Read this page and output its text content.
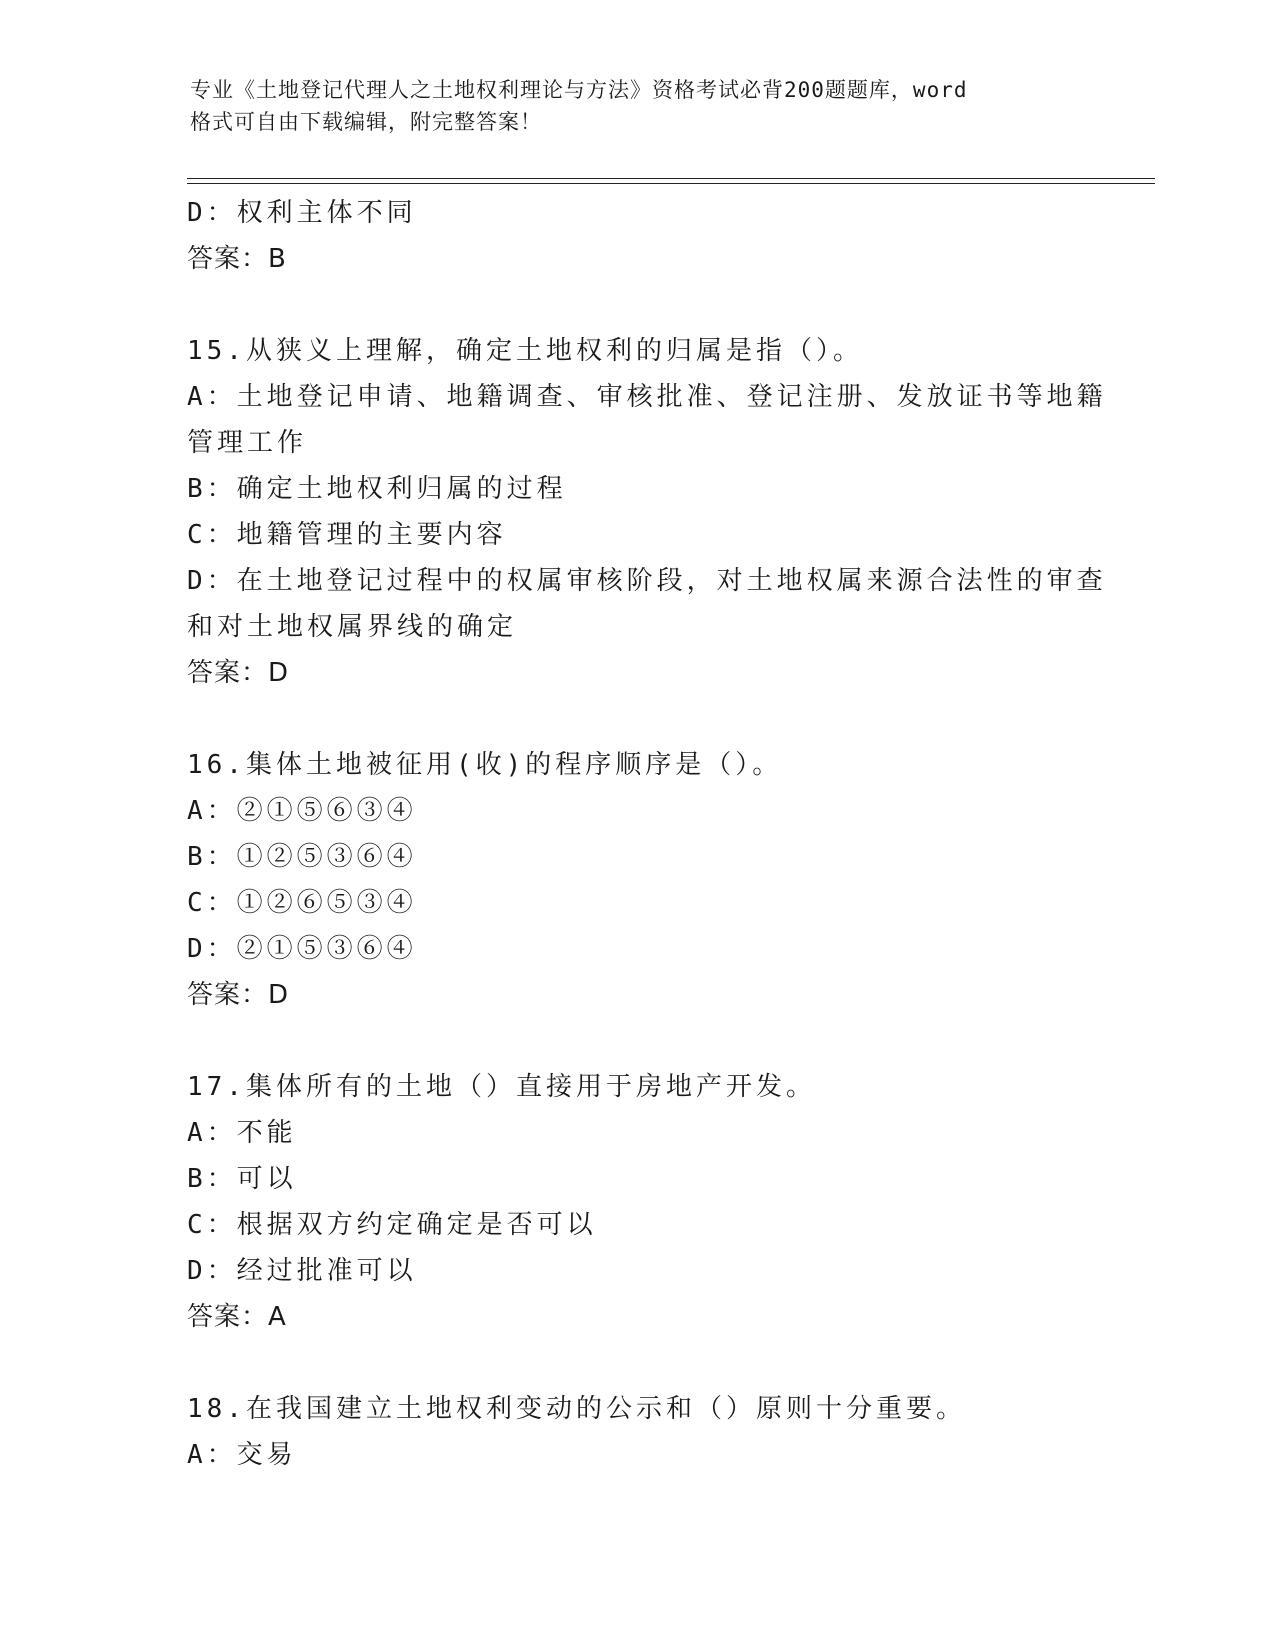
专业《土地登记代理人之土地权利理论与方法》资格考试必背200题题库，word
格式可自由下载编辑，附完整答案！
D：权利主体不同
答案：B
15.从狭义上理解，确定土地权利的归属是指（）。
A：土地登记申请、地籍调查、审核批准、登记注册、发放证书等地籍
管理工作
B：确定土地权利归属的过程
C：地籍管理的主要内容
D：在土地登记过程中的权属审核阶段，对土地权属来源合法性的审查
和对土地权属界线的确定
答案：D
16.集体土地被征用(收)的程序顺序是（）。
A：②①⑤⑥③④
B：①②⑤③⑥④
C：①②⑥⑤③④
D：②①⑤③⑥④
答案：D
17.集体所有的土地（）直接用于房地产开发。
A：不能
B：可以
C：根据双方约定确定是否可以
D：经过批准可以
答案：A
18.在我国建立土地权利变动的公示和（）原则十分重要。
A：交易
